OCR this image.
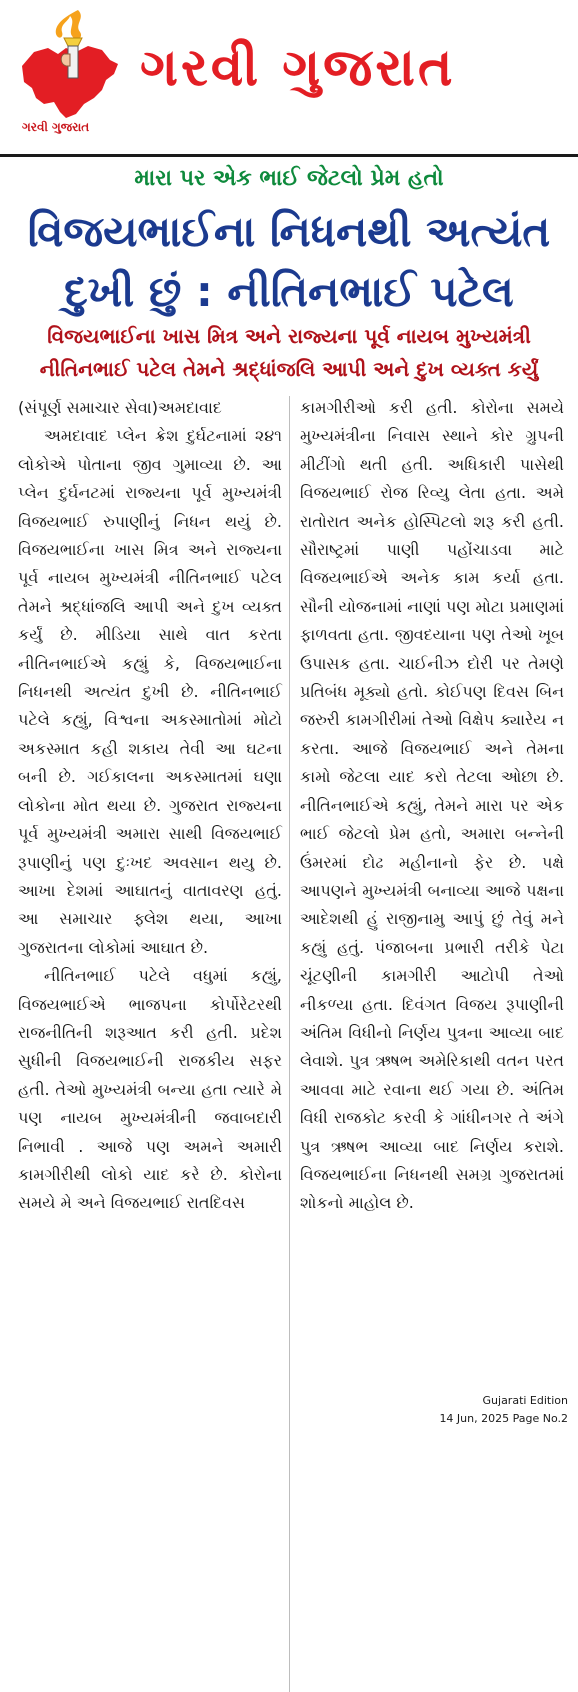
ગરવી ગુજરાત
ગરવી ગુજરાત
મારા પર એક ભાઈ જેટલો પ્રેમ હતો
વિજયભાઈના નિધનથી અત્યંત
દુખી છું : નીતિનભાઈ પટેલ
વિજયભાઈના ખાસ મિત્ર અને રાજ્યના પૂર્વ નાયબ મુખ્યમંત્રી
નીતિનભાઈ પટેલ તેમને શ્રદ્ધાંજલિ આપી અને દુખ વ્યક્ત કર્યું

(સંપૂર્ણ સમાચાર સેવા)અમદાવાદ

અમદાવાદ પ્લેન ક્રેશ દુર્ઘટનામાં ૨૪૧ લોકોએ પોતાના જીવ ગુમાવ્યા છે. આ પ્લેન દુર્ઘનટમાં રાજ્યના પૂર્વ મુખ્યમંત્રી વિજયભાઈ રુપાણીનું નિધન થયું છે. વિજયભાઈના ખાસ મિત્ર અને રાજ્યના પૂર્વ નાયબ મુખ્યમંત્રી નીતિનભાઈ પટેલ તેમને શ્રદ્ધાંજલિ આપી અને દુખ વ્યક્ત કર્યું છે. મીડિયા સાથે વાત કરતા નીતિનભાઈએ કહ્યું કે, વિજયભાઈના નિધનથી અત્યંત દુખી છે. નીતિનભાઈ પટેલે કહ્યું, વિશ્વના અકસ્માતોમાં મોટો અકસ્માત કહી શકાય તેવી આ ઘટના બની છે. ગઈકાલના અકસ્માતમાં ઘણા લોકોના મોત થયા છે. ગુજરાત રાજ્યના પૂર્વ મુખ્યમંત્રી અમારા સાથી વિજયભાઈ રૂપાણીનું પણ દુઃખદ અવસાન થયુ છે. આખા દેશમાં આઘાતનું વાતાવરણ હતું. આ સમાચાર ફ્લેશ થયા, આખા ગુજરાતના લોકોમાં આઘાત છે.

નીતિનભાઈ પટેલે વધુમાં કહ્યું, વિજયભાઈએ ભાજપના કોર્પોરેટરથી રાજનીતિની શરૂઆત કરી હતી. પ્રદેશ સુધીની વિજયભાઈની રાજકીય સફર હતી. તેઓ મુખ્યમંત્રી બન્યા હતા ત્યારે મે પણ નાયબ મુખ્યમંત્રીની જવાબદારી નિભાવી . આજે પણ અમને અમારી કામગીરીથી લોકો યાદ કરે છે. કોરોના સમયે મે અને વિજયભાઈ રાતદિવસ

કામગીરીઓ કરી હતી. કોરોના સમયે મુખ્યમંત્રીના નિવાસ સ્થાને કોર ગ્રુપની મીટીંગો થતી હતી. અધિકારી પાસેથી વિજયભાઈ રોજ રિવ્યુ લેતા હતા. અમે રાતોરાત અનેક હોસ્પિટલો શરૂ કરી હતી. સૌરાષ્ટ્રમાં પાણી પહોંચાડવા માટે વિજયભાઈએ અનેક કામ કર્યા હતા. સૌની યોજનામાં નાણાં પણ મોટા પ્રમાણમાં ફાળવતા હતા. જીવદયાના પણ તેઓ ખૂબ ઉપાસક હતા. ચાઈનીઝ દોરી પર તેમણે પ્રતિબંધ મૂક્યો હતો. કોઈપણ દિવસ બિન જરુરી કામગીરીમાં તેઓ વિક્ષેપ ક્યારેય ન કરતા. આજે વિજયભાઈ અને તેમના કામો જેટલા યાદ કરો તેટલા ઓછા છે. નીતિનભાઈએ કહ્યું, તેમને મારા પર એક ભાઈ જેટલો પ્રેમ હતો, અમારા બન્નેની ઉંમરમાં દોઢ મહીનાનો ફેર છે. પક્ષે આપણને મુખ્યમંત્રી બનાવ્યા આજે પક્ષના આદેશથી હું રાજીનામુ આપું છું તેવું મને કહ્યું હતું. પંજાબના પ્રભારી તરીકે પેટા ચૂંટણીની કામગીરી આટોપી તેઓ નીકળ્યા હતા. દિવંગત વિજય રૂપાણીની અંતિમ વિધીનો નિર્ણય પુત્રના આવ્યા બાદ લેવાશે. પુત્ર ઋષભ અમેરિકાથી વતન પરત આવવા માટે રવાના થઈ ગયા છે. અંતિમ વિધી રાજકોટ કરવી કે ગાંધીનગર તે અંગે પુત્ર ઋષભ આવ્યા બાદ નિર્ણય કરાશે. વિજયભાઈના નિધનથી સમગ્ર ગુજરાતમાં શોકનો માહોલ છે.

Gujarati Edition
14 Jun, 2025 Page No.2
